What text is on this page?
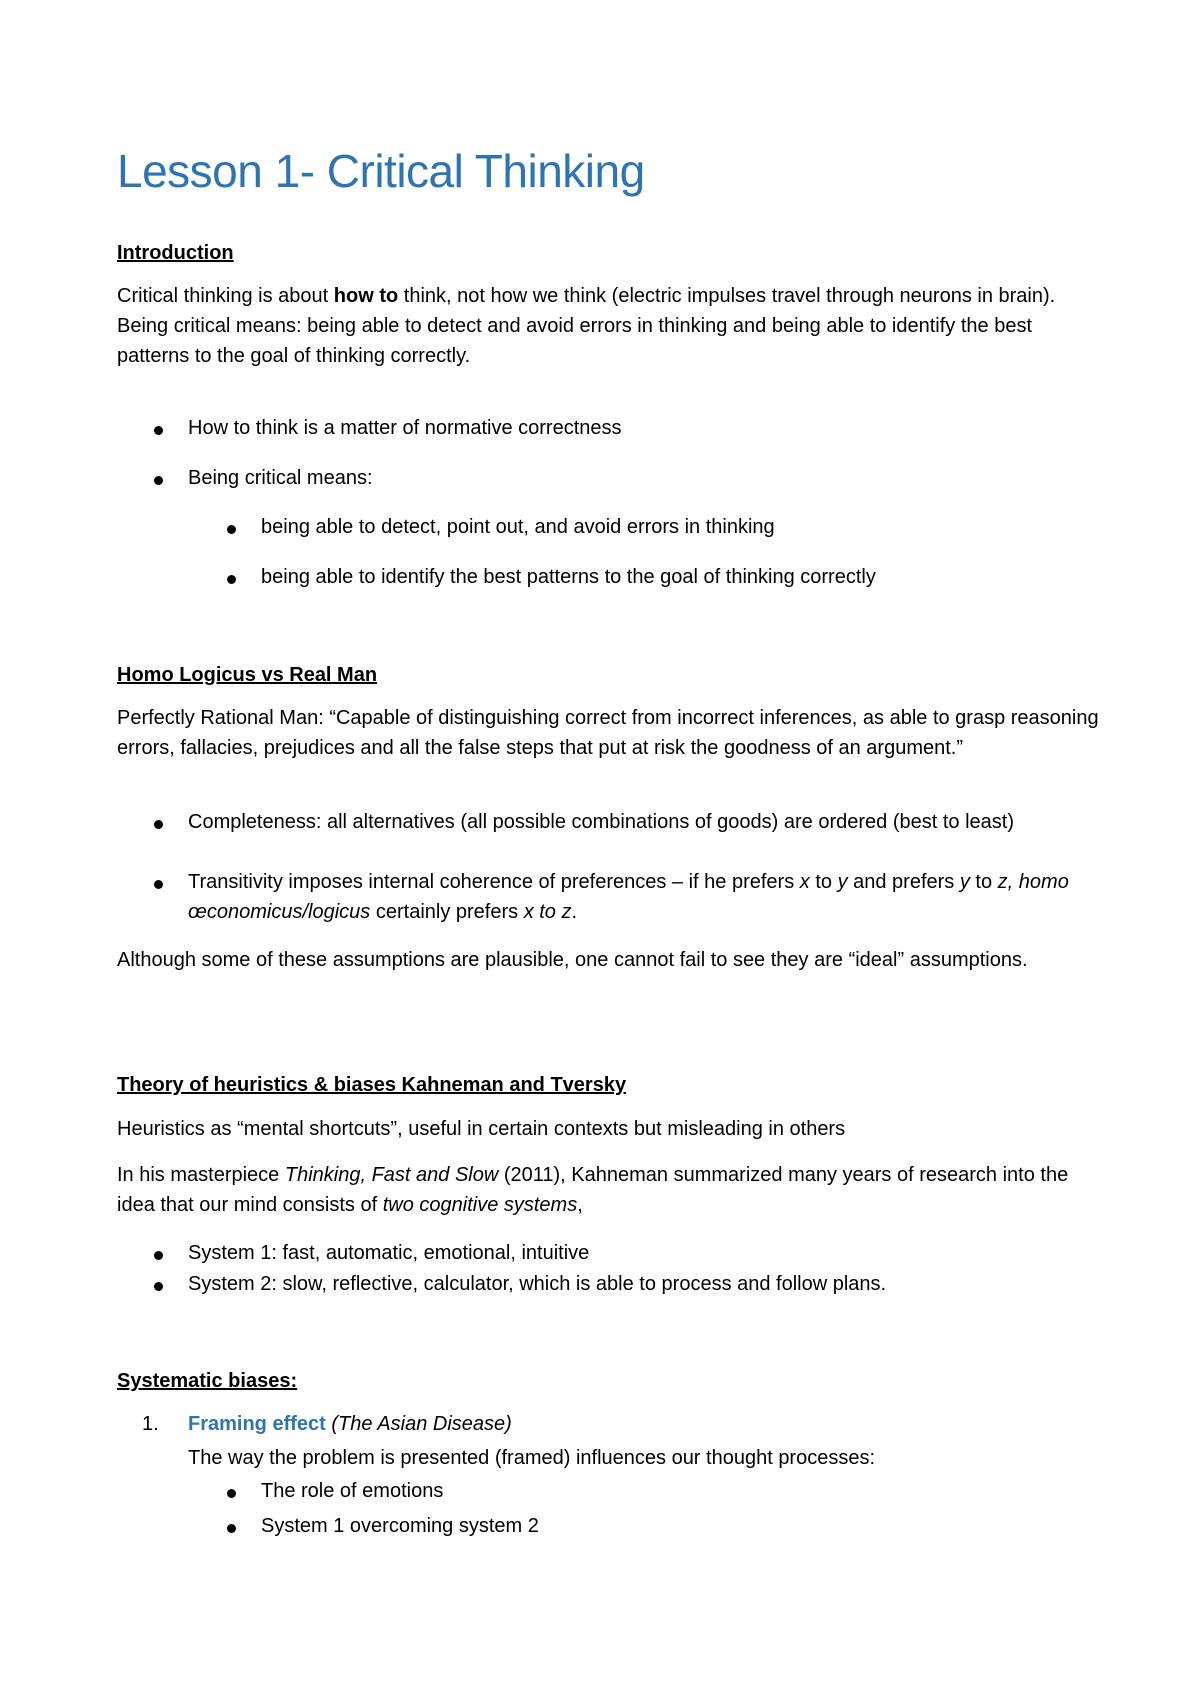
Lesson 1- Critical Thinking
Introduction

Critical thinking is about how to think, not how we think (electric impulses travel through neurons in brain). Being critical means: being able to detect and avoid errors in thinking and being able to identify the best patterns to the goal of thinking correctly.

How to think is a matter of normative correctness

Being critical means:

being able to detect, point out, and avoid errors in thinking

being able to identify the best patterns to the goal of thinking correctly

Homo Logicus vs Real Man

Perfectly Rational Man: “Capable of distinguishing correct from incorrect inferences, as able to grasp reasoning errors, fallacies, prejudices and all the false steps that put at risk the goodness of an argument.”

Completeness: all alternatives (all possible combinations of goods) are ordered (best to least)

Transitivity imposes internal coherence of preferences – if he prefers x to y and prefers y to z, homo œconomicus/logicus certainly prefers x to z.

Although some of these assumptions are plausible, one cannot fail to see they are “ideal” assumptions.

Theory of heuristics & biases Kahneman and Tversky

Heuristics as “mental shortcuts”, useful in certain contexts but misleading in others

In his masterpiece Thinking, Fast and Slow (2011), Kahneman summarized many years of research into the idea that our mind consists of two cognitive systems,

System 1: fast, automatic, emotional, intuitive

System 2: slow, reflective, calculator, which is able to process and follow plans.

Systematic biases:

1. Framing effect (The Asian Disease)

The way the problem is presented (framed) influences our thought processes:

The role of emotions

System 1 overcoming system 2
